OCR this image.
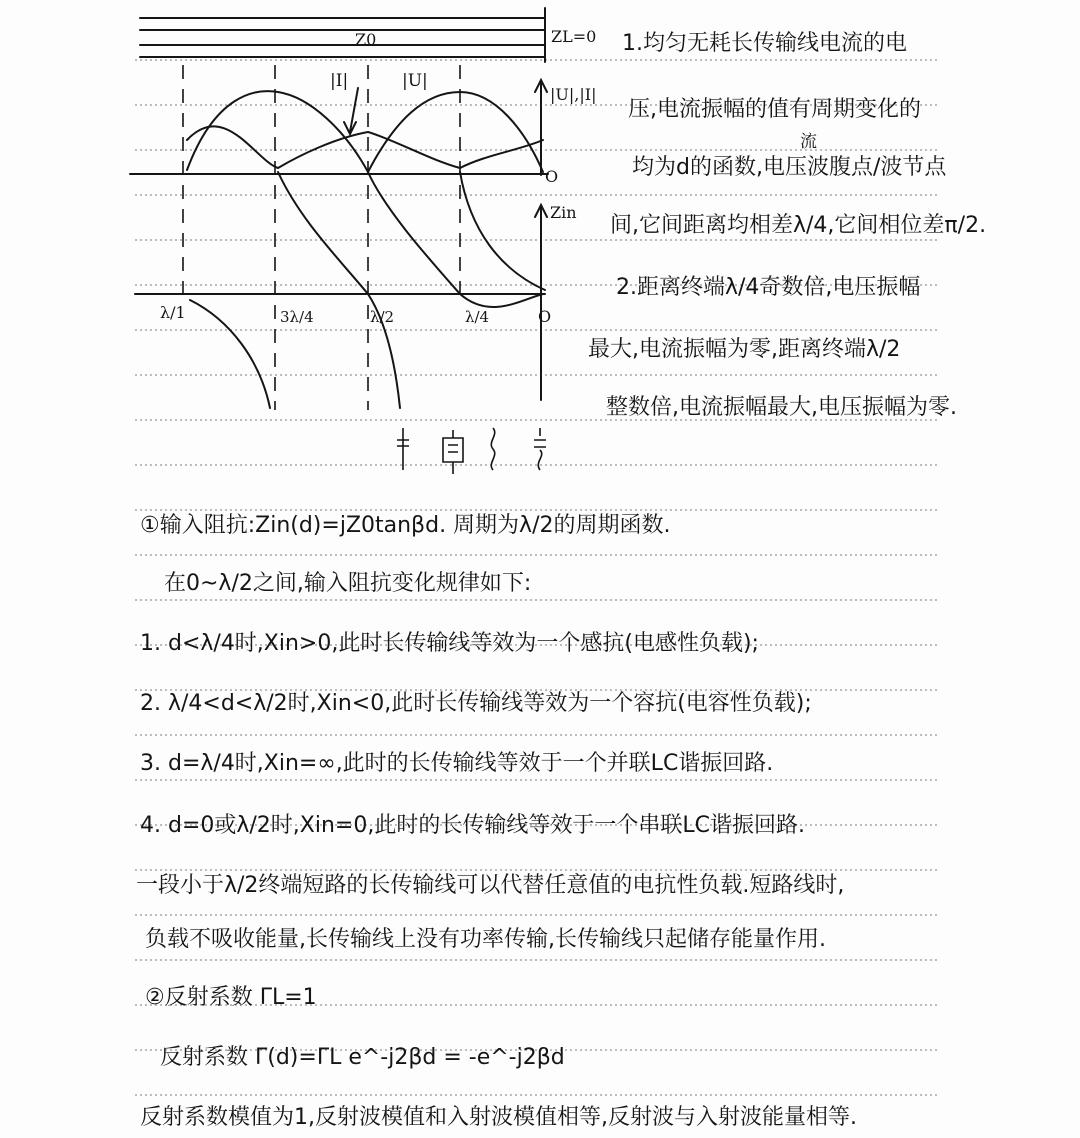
Z0	ZL=0
|I|	|U|
|U|,|I|
O
Zin
λ/1	3λ/4	λ/2	λ/4	O
1.均匀无耗长传输线电流的电
压,电流振幅的值有周期变化的
流
均为d的函数,电压波腹点/波节点
间,它间距离均相差λ/4,它间相位差π/2.
2.距离终端λ/4奇数倍,电压振幅
最大,电流振幅为零,距离终端λ/2
整数倍,电流振幅最大,电压振幅为零.
①输入阻抗:Zin(d)=jZ0tanβd. 周期为λ/2的周期函数.
在0~λ/2之间,输入阻抗变化规律如下:
1. d<λ/4时,Xin>0,此时长传输线等效为一个感抗(电感性负载);
2. λ/4<d<λ/2时,Xin<0,此时长传输线等效为一个容抗(电容性负载);
3. d=λ/4时,Xin=∞,此时的长传输线等效于一个并联LC谐振回路.
4. d=0或λ/2时,Xin=0,此时的长传输线等效于一个串联LC谐振回路.
一段小于λ/2终端短路的长传输线可以代替任意值的电抗性负载.短路线时,
负载不吸收能量,长传输线上没有功率传输,长传输线只起储存能量作用.
②反射系数 ΓL=1
反射系数 Γ(d)=ΓL e^-j2βd = -e^-j2βd
反射系数模值为1,反射波模值和入射波模值相等,反射波与入射波能量相等.
